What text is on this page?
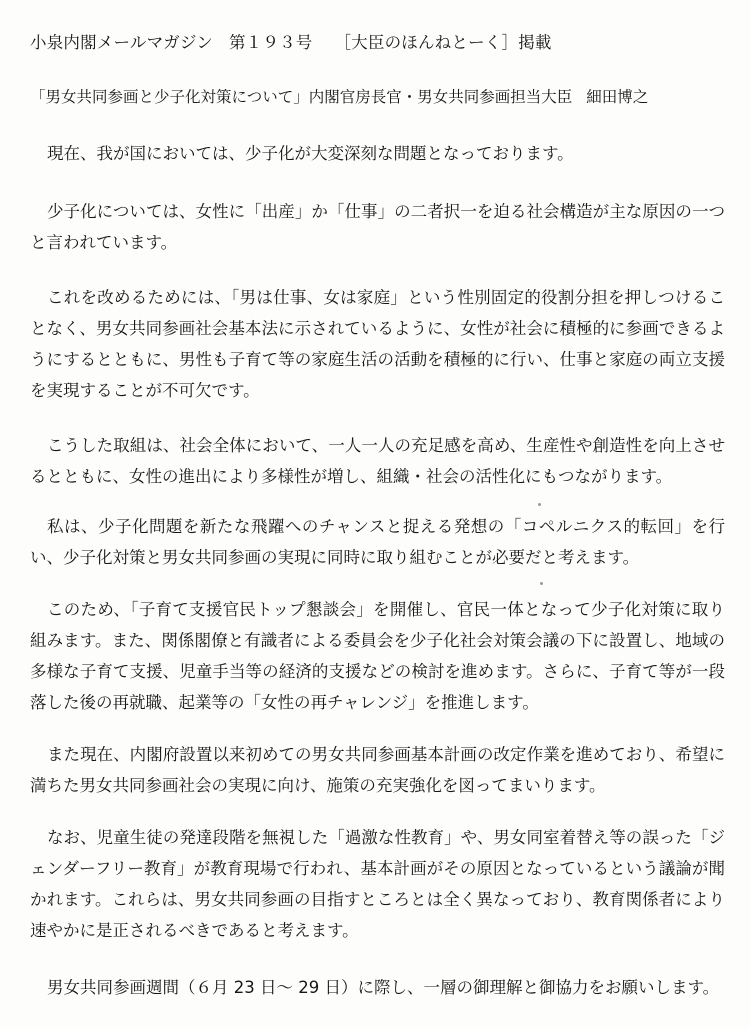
小泉内閣メールマガジン 第１９３号 ［大臣のほんねとーく］掲載
「男女共同参画と少子化対策について」内閣官房長官・男女共同参画担当大臣 細田博之

現在、我が国においては、少子化が大変深刻な問題となっております。

少子化については、女性に「出産」か「仕事」の二者択一を迫る社会構造が主な原因の一つと言われています。

これを改めるためには、「男は仕事、女は家庭」という性別固定的役割分担を押しつけることなく、男女共同参画社会基本法に示されているように、女性が社会に積極的に参画できるようにするとともに、男性も子育て等の家庭生活の活動を積極的に行い、仕事と家庭の両立支援を実現することが不可欠です。

こうした取組は、社会全体において、一人一人の充足感を高め、生産性や創造性を向上させるとともに、女性の進出により多様性が増し、組織・社会の活性化にもつながります。

私は、少子化問題を新たな飛躍へのチャンスと捉える発想の「コペルニクス的転回」を行い、少子化対策と男女共同参画の実現に同時に取り組むことが必要だと考えます。

このため、「子育て支援官民トップ懇談会」を開催し、官民一体となって少子化対策に取り組みます。また、関係閣僚と有識者による委員会を少子化社会対策会議の下に設置し、地域の多様な子育て支援、児童手当等の経済的支援などの検討を進めます。さらに、子育て等が一段落した後の再就職、起業等の「女性の再チャレンジ」を推進します。

また現在、内閣府設置以来初めての男女共同参画基本計画の改定作業を進めており、希望に満ちた男女共同参画社会の実現に向け、施策の充実強化を図ってまいります。

なお、児童生徒の発達段階を無視した「過激な性教育」や、男女同室着替え等の誤った「ジェンダーフリー教育」が教育現場で行われ、基本計画がその原因となっているという議論が聞かれます。これらは、男女共同参画の目指すところとは全く異なっており、教育関係者により速やかに是正されるべきであると考えます。

男女共同参画週間（６月 23 日～ 29 日）に際し、一層の御理解と御協力をお願いします。
